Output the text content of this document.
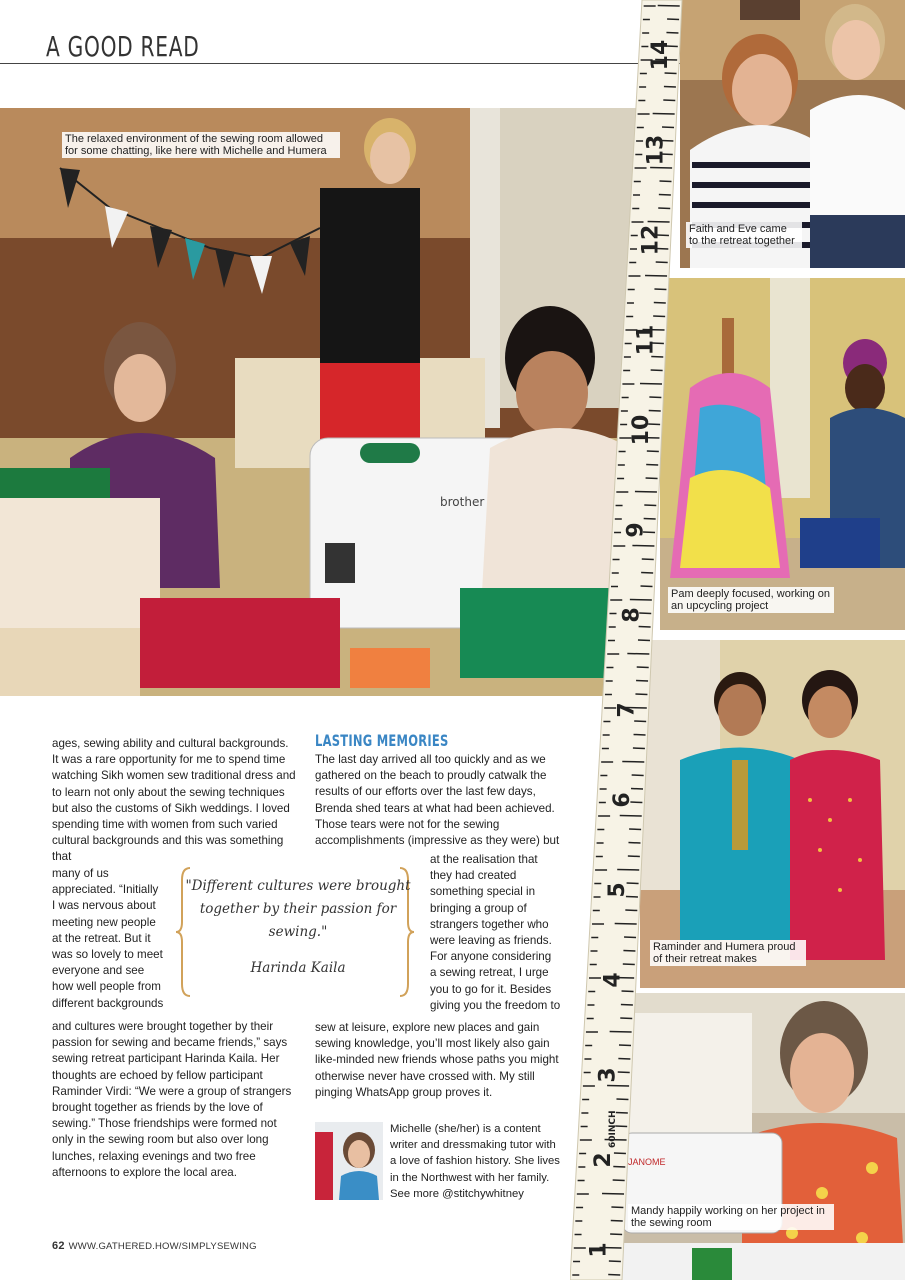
A GOOD READ
brother
The relaxed environment of the sewing room allowed for some chatting, like here with Michelle and Humera
Faith and Eve came to the retreat together
Pam deeply focused, working on an upcycling project
Raminder and Humera proud of their retreat makes
JANOME
Mandy happily working on her project in the sewing room
14
13
12
11
10
9
8
7
6
5
4
3
2
1
60INCH

ages, sewing ability and cultural backgrounds. It was a rare opportunity for me to spend time watching Sikh women sew traditional dress and to learn not only about the sewing techniques but also the customs of Sikh weddings. I loved spending time with women from such varied cultural backgrounds and this was something that

many of us
appreciated. “Initially
I was nervous about
meeting new people
at the retreat. But it
was so lovely to meet
everyone and see
how well people from
different backgrounds

and cultures were brought together by their passion for sewing and became friends,” says sewing retreat participant Harinda Kaila. Her thoughts are echoed by fellow participant Raminder Virdi: “We were a group of strangers brought together as friends by the love of sewing.” Those friendships were formed not only in the sewing room but also over long lunches, relaxing evenings and two free afternoons to explore the local area.

LASTING MEMORIES

The last day arrived all too quickly and as we gathered on the beach to proudly catwalk the results of our efforts over the last few days, Brenda shed tears at what had been achieved. Those tears were not for the sewing accomplishments (impressive as they were) but

at the realisation that
they had created
something special in
bringing a group of
strangers together who
were leaving as friends.
For anyone considering
a sewing retreat, I urge
you to go for it. Besides
giving you the freedom to

sew at leisure, explore new places and gain sewing knowledge, you’ll most likely also gain like-minded new friends whose paths you might otherwise never have crossed with. My still pinging WhatsApp group proves it.

"Different cultures were brought together by their passion for sewing."
Harinda Kaila

Michelle (she/her) is a content writer and dressmaking tutor with a love of fashion history. She lives in the Northwest with her family. See more @stitchywhitney

62 WWW.GATHERED.HOW/SIMPLYSEWING
